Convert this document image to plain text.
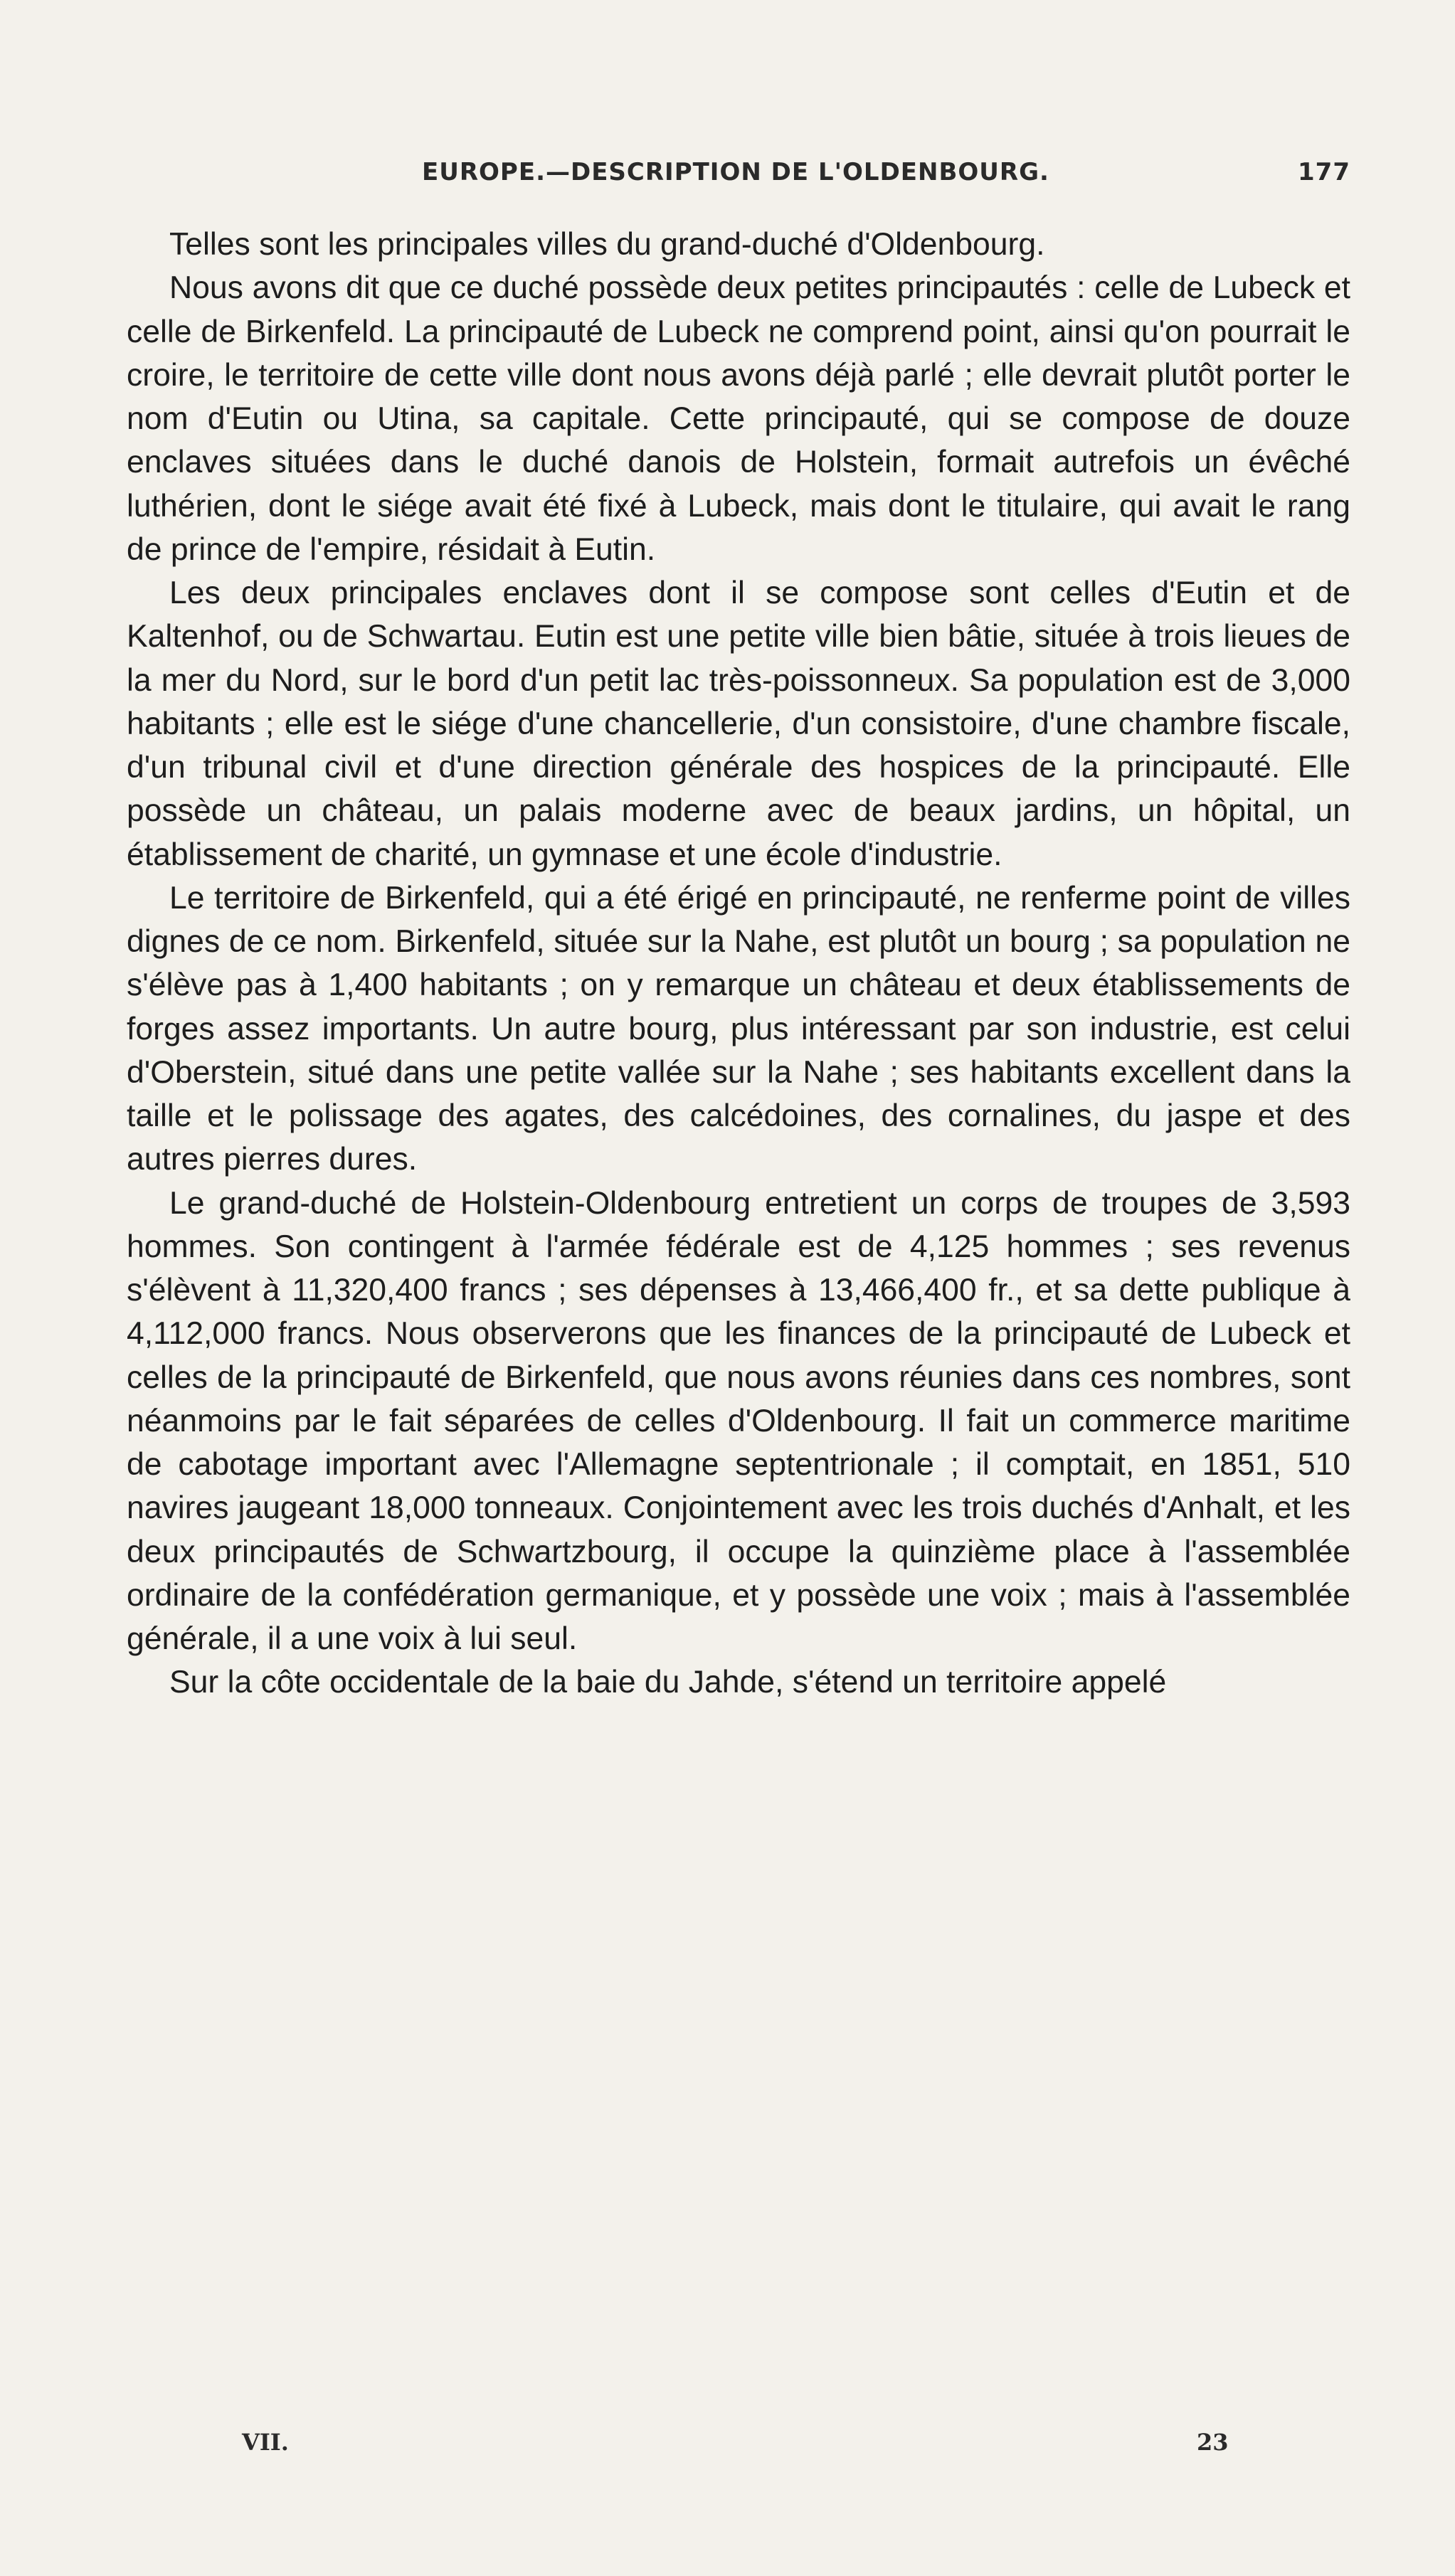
EUROPE.—DESCRIPTION DE L'OLDENBOURG.	177

Telles sont les principales villes du grand-duché d'Oldenbourg.

Nous avons dit que ce duché possède deux petites principautés : celle de Lubeck et celle de Birkenfeld. La principauté de Lubeck ne comprend point, ainsi qu'on pourrait le croire, le territoire de cette ville dont nous avons déjà parlé ; elle devrait plutôt porter le nom d'Eutin ou Utina, sa capitale. Cette principauté, qui se compose de douze enclaves situées dans le duché danois de Holstein, formait autrefois un évêché luthérien, dont le siége avait été fixé à Lubeck, mais dont le titulaire, qui avait le rang de prince de l'empire, résidait à Eutin.

Les deux principales enclaves dont il se compose sont celles d'Eutin et de Kaltenhof, ou de Schwartau. Eutin est une petite ville bien bâtie, située à trois lieues de la mer du Nord, sur le bord d'un petit lac très-poissonneux. Sa population est de 3,000 habitants ; elle est le siége d'une chancellerie, d'un consistoire, d'une chambre fiscale, d'un tribunal civil et d'une direction générale des hospices de la principauté. Elle possède un château, un palais moderne avec de beaux jardins, un hôpital, un établissement de charité, un gymnase et une école d'industrie.

Le territoire de Birkenfeld, qui a été érigé en principauté, ne renferme point de villes dignes de ce nom. Birkenfeld, située sur la Nahe, est plutôt un bourg ; sa population ne s'élève pas à 1,400 habitants ; on y remarque un château et deux établissements de forges assez importants. Un autre bourg, plus intéressant par son industrie, est celui d'Oberstein, situé dans une petite vallée sur la Nahe ; ses habitants excellent dans la taille et le polissage des agates, des calcédoines, des cornalines, du jaspe et des autres pierres dures.

Le grand-duché de Holstein-Oldenbourg entretient un corps de troupes de 3,593 hommes. Son contingent à l'armée fédérale est de 4,125 hommes ; ses revenus s'élèvent à 11,320,400 francs ; ses dépenses à 13,466,400 fr., et sa dette publique à 4,112,000 francs. Nous observerons que les finances de la principauté de Lubeck et celles de la principauté de Birkenfeld, que nous avons réunies dans ces nombres, sont néanmoins par le fait séparées de celles d'Oldenbourg. Il fait un commerce maritime de cabotage important avec l'Allemagne septentrionale ; il comptait, en 1851, 510 navires jaugeant 18,000 tonneaux. Conjointement avec les trois duchés d'Anhalt, et les deux principautés de Schwartzbourg, il occupe la quinzième place à l'assemblée ordinaire de la confédération germanique, et y possède une voix ; mais à l'assemblée générale, il a une voix à lui seul.

Sur la côte occidentale de la baie du Jahde, s'étend un territoire appelé

VII.	23
